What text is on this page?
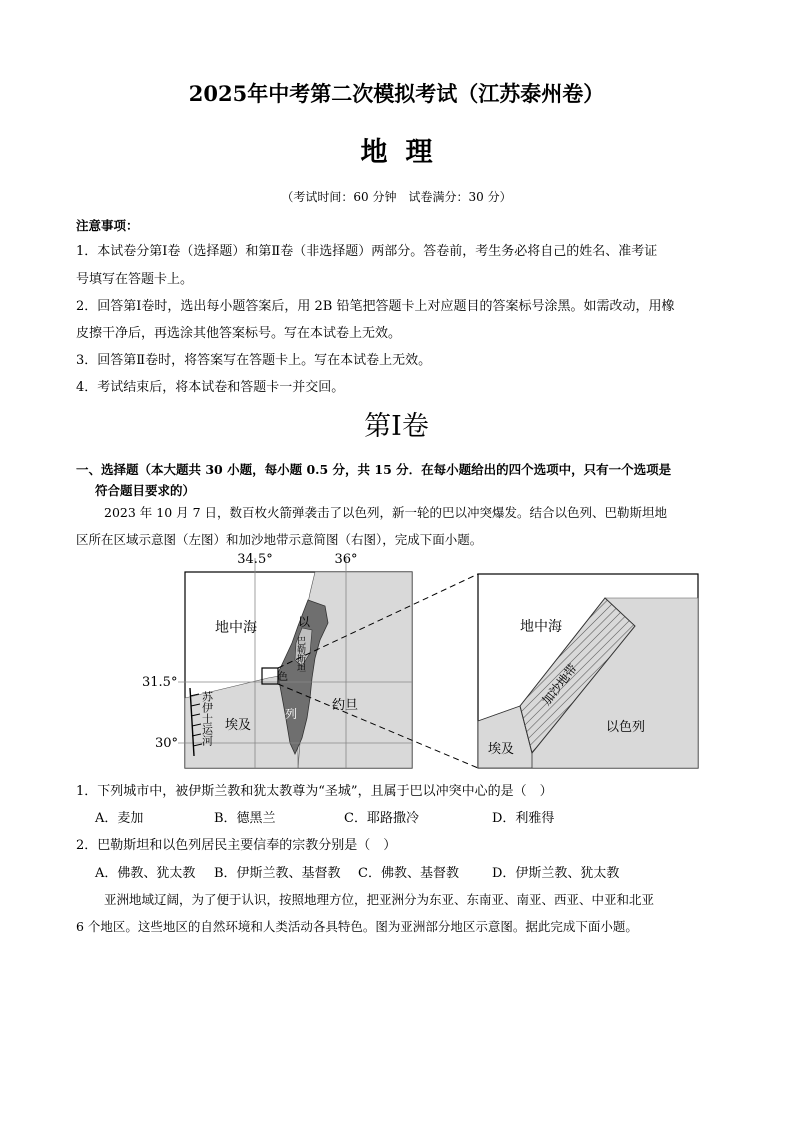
2025年中考第二次模拟考试（江苏泰州卷）
地理
（考试时间：60 分钟　试卷满分：30 分）
注意事项：
1．本试卷分第Ⅰ卷（选择题）和第Ⅱ卷（非选择题）两部分。答卷前，考生务必将自己的姓名、准考证
号填写在答题卡上。
2．回答第Ⅰ卷时，选出每小题答案后，用 2B 铅笔把答题卡上对应题目的答案标号涂黑。如需改动，用橡
皮擦干净后，再选涂其他答案标号。写在本试卷上无效。
3．回答第Ⅱ卷时，将答案写在答题卡上。写在本试卷上无效。
4．考试结束后，将本试卷和答题卡一并交回。
第Ⅰ卷
一、选择题（本大题共 30 小题，每小题 0.5 分，共 15 分．在每小题给出的四个选项中，只有一个选项是
符合题目要求的）
2023 年 10 月 7 日，数百枚火箭弹袭击了以色列，新一轮的巴以冲突爆发。结合以色列、巴勒斯坦地
区所在区域示意图（左图）和加沙地带示意简图（右图），完成下面小题。
34.5°	36°
31.5°
30°
地中海	以
色
列
巴勒斯坦
约旦
埃及
苏伊士运河
地中海
加沙地带
埃及
以色列
1．下列城市中，被伊斯兰教和犹太教尊为“圣城”，且属于巴以冲突中心的是（　）
A．麦加	B．德黑兰	C．耶路撒冷	D．利雅得
2．巴勒斯坦和以色列居民主要信奉的宗教分别是（　）
A．佛教、犹太教 B．伊斯兰教、基督教 C．佛教、基督教	D．伊斯兰教、犹太教
亚洲地域辽阔，为了便于认识，按照地理方位，把亚洲分为东亚、东南亚、南亚、西亚、中亚和北亚
6 个地区。这些地区的自然环境和人类活动各具特色。图为亚洲部分地区示意图。据此完成下面小题。
